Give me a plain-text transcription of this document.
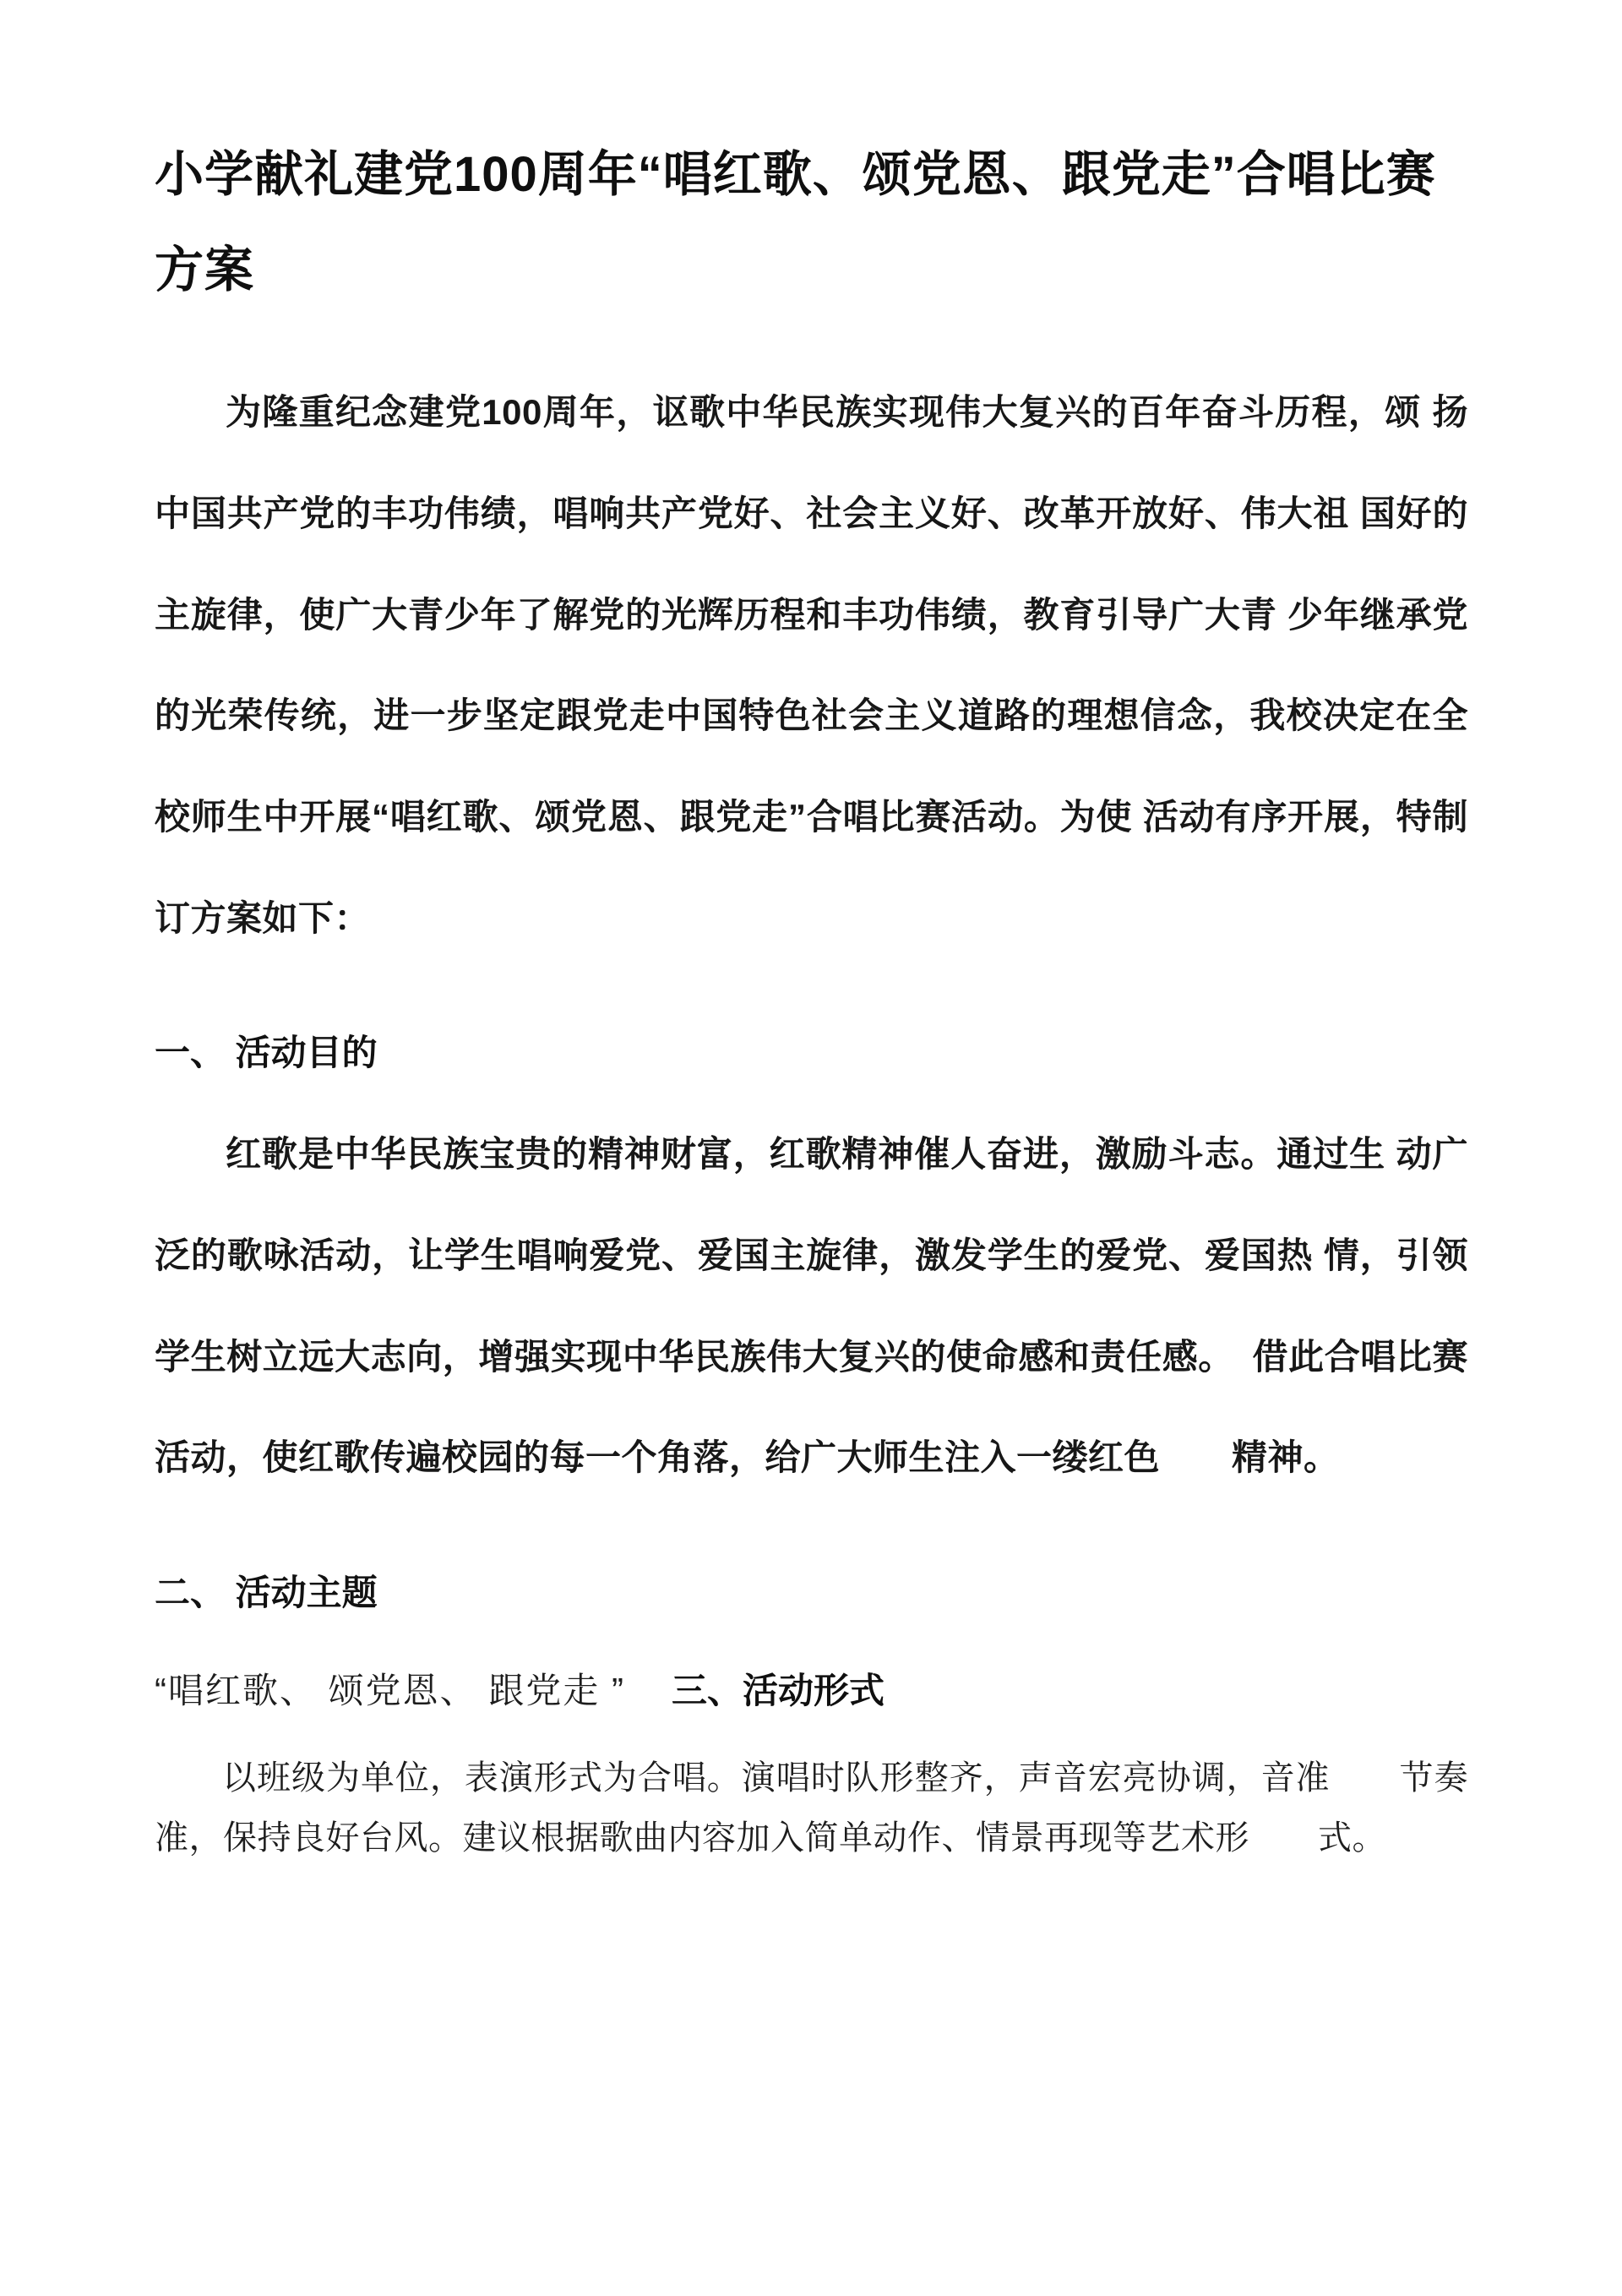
小学献礼建党100周年“唱红歌、颂党恩、跟党走”合唱比赛方案

为隆重纪念建党100周年，讴歌中华民族实现伟大复兴的百年奋斗历程，颂 扬中国共产党的丰功伟绩，唱响共产党好、社会主义好、改革开放好、伟大祖 国好的主旋律，使广大青少年了解党的光辉历程和丰功伟绩，教育引导广大青 少年继承党的光荣传统，进一步坚定跟党走中国特色社会主义道路的理想信念，我校决定在全校师生中开展“唱红歌、颂党恩、跟党走”合唱比赛活动。为使 活动有序开展，特制订方案如下：

一、 活动目的

红歌是中华民族宝贵的精神财富，红歌精神催人奋进，激励斗志。通过生 动广泛的歌咏活动，让学生唱响爱党、爱国主旋律，激发学生的爱党、爱国热 情，引领学生树立远大志向，增强实现中华民族伟大复兴的使命感和责任感。　借此合唱比赛活动，使红歌传遍校园的每一个角落，给广大师生注入一缕红色　　精神。

二、 活动主题

“唱红歌、 颂党恩、 跟党走 ” 三、活动形式

以班级为单位，表演形式为合唱。演唱时队形整齐，声音宏亮协调，音准　　节奏准，保持良好台风。建议根据歌曲内容加入简单动作、情景再现等艺术形　　式。
